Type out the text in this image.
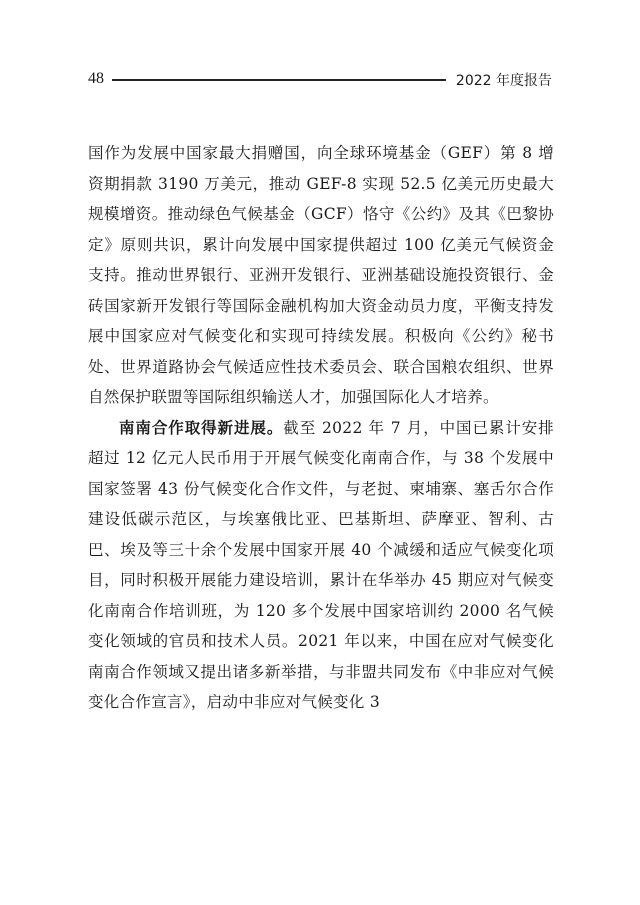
48	2022 年度报告

国作为发展中国家最大捐赠国，向全球环境基金（GEF）第 8 增资期捐款 3190 万美元，推动 GEF-8 实现 52.5 亿美元历史最大规模增资。推动绿色气候基金（GCF）恪守《公约》及其《巴黎协定》原则共识，累计向发展中国家提供超过 100 亿美元气候资金支持。推动世界银行、亚洲开发银行、亚洲基础设施投资银行、金砖国家新开发银行等国际金融机构加大资金动员力度，平衡支持发展中国家应对气候变化和实现可持续发展。积极向《公约》秘书处、世界道路协会气候适应性技术委员会、联合国粮农组织、世界自然保护联盟等国际组织输送人才，加强国际化人才培养。

南南合作取得新进展。截至 2022 年 7 月，中国已累计安排超过 12 亿元人民币用于开展气候变化南南合作，与 38 个发展中国家签署 43 份气候变化合作文件，与老挝、柬埔寨、塞舌尔合作建设低碳示范区，与埃塞俄比亚、巴基斯坦、萨摩亚、智利、古巴、埃及等三十余个发展中国家开展 40 个减缓和适应气候变化项目，同时积极开展能力建设培训，累计在华举办 45 期应对气候变化南南合作培训班，为 120 多个发展中国家培训约 2000 名气候变化领域的官员和技术人员。2021 年以来，中国在应对气候变化南南合作领域又提出诸多新举措，与非盟共同发布《中非应对气候变化合作宣言》，启动中非应对气候变化 3
